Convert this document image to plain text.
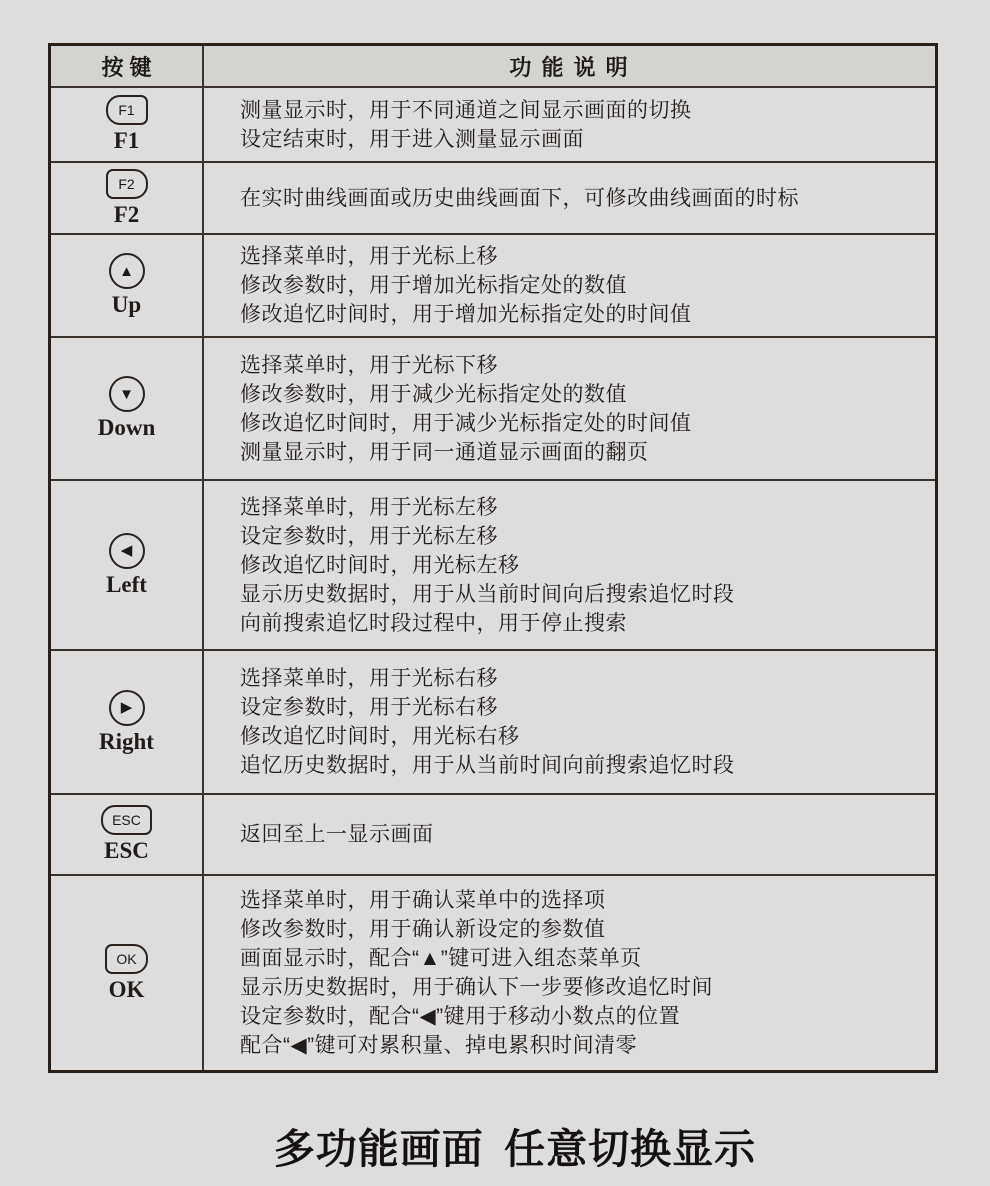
按 键	功 能 说 明
F1
F1
测量显示时，用于不同通道之间显示画面的切换
设定结束时，用于进入测量显示画面
F2
F2
在实时曲线画面或历史曲线画面下，可修改曲线画面的时标
▲
Up
选择菜单时，用于光标上移
修改参数时，用于增加光标指定处的数值
修改追忆时间时，用于增加光标指定处的时间值
▼
Down
选择菜单时，用于光标下移
修改参数时，用于减少光标指定处的数值
修改追忆时间时，用于减少光标指定处的时间值
测量显示时，用于同一通道显示画面的翻页
◀
Left
选择菜单时，用于光标左移
设定参数时，用于光标左移
修改追忆时间时，用光标左移
显示历史数据时，用于从当前时间向后搜索追忆时段
向前搜索追忆时段过程中，用于停止搜索
▶
Right
选择菜单时，用于光标右移
设定参数时，用于光标右移
修改追忆时间时，用光标右移
追忆历史数据时，用于从当前时间向前搜索追忆时段
ESC
ESC
返回至上一显示画面
OK
OK
选择菜单时，用于确认菜单中的选择项
修改参数时，用于确认新设定的参数值
画面显示时，配合“▲”键可进入组态菜单页
显示历史数据时，用于确认下一步要修改追忆时间
设定参数时，配合“◀”键用于移动小数点的位置
配合“◀”键可对累积量、掉电累积时间清零
多功能画面 任意切换显示
